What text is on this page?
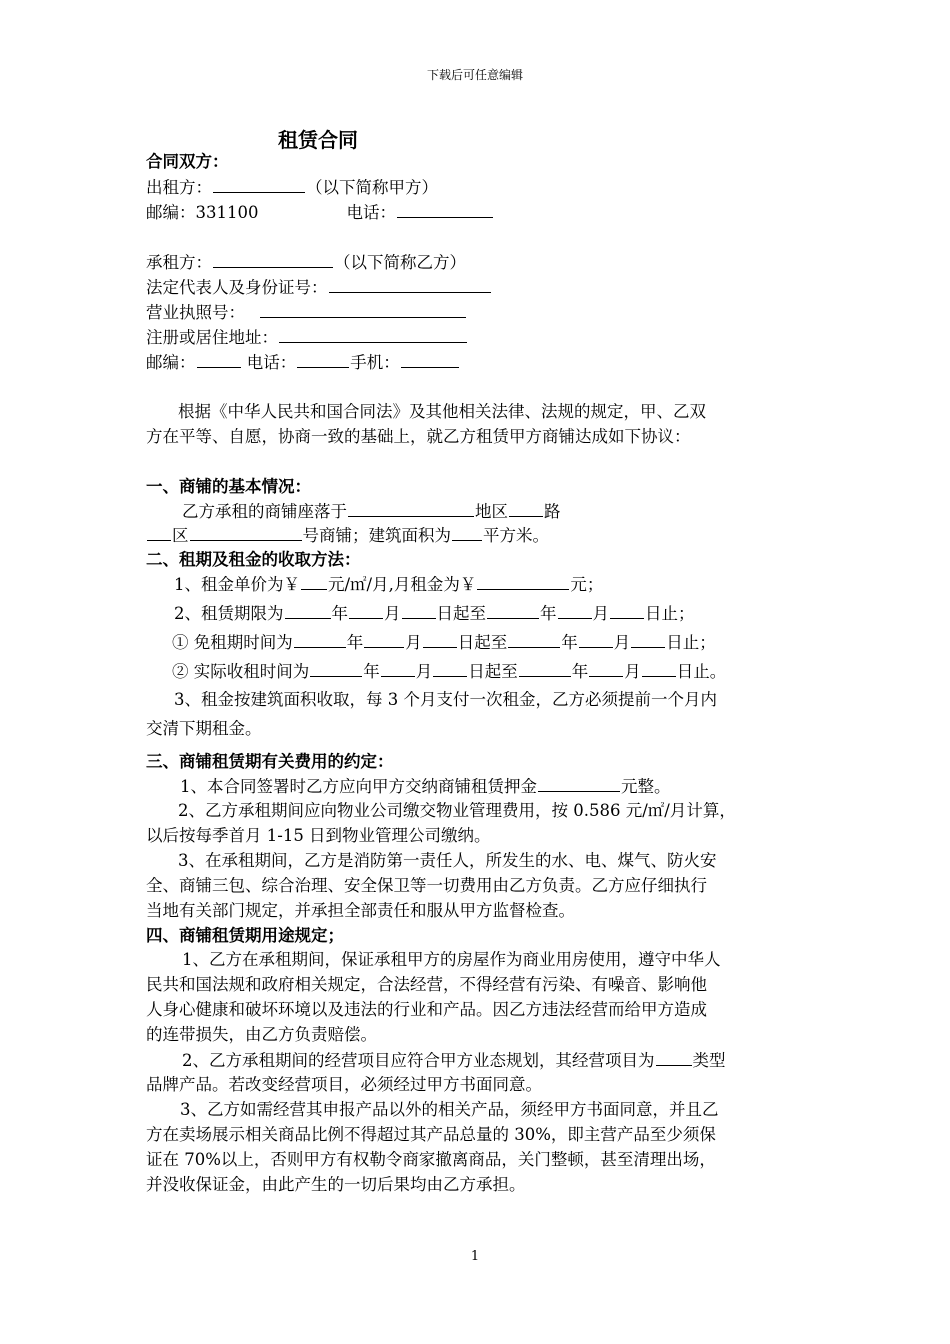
下载后可任意编辑
租赁合同
合同双方：
出租方：	（以下简称甲方）
邮编：331100	电话：
承租方：	（以下简称乙方）
法定代表人及身份证号：
营业执照号：
注册或居住地址：
邮编：	电话：	手机：
根据《中华人民共和国合同法》及其他相关法律、法规的规定，甲、乙双
方在平等、自愿，协商一致的基础上，就乙方租赁甲方商铺达成如下协议：
一、商铺的基本情况：
乙方承租的商铺座落于	地区 路
区	号商铺；建筑面积为 平方米。
二、租期及租金的收取方法：
1、租金单价为￥ 元/㎡/月,月租金为￥	元；
2、租赁期限为	年 月 日起至	年 月 日止；
① 免租期时间为	年	月 日起至	年 月 日止；
② 实际收租时间为	年 月 日起至	年 月 日止。
3、租金按建筑面积收取，每 3 个月支付一次租金，乙方必须提前一个月内
交清下期租金。
三、商铺租赁期有关费用的约定：
1、本合同签署时乙方应向甲方交纳商铺租赁押金	元整。
2、乙方承租期间应向物业公司缴交物业管理费用，按 0.586 元/㎡/月计算，
以后按每季首月 1-15 日到物业管理公司缴纳。
3、在承租期间，乙方是消防第一责任人，所发生的水、电、煤气、防火安
全、商铺三包、综合治理、安全保卫等一切费用由乙方负责。乙方应仔细执行
当地有关部门规定，并承担全部责任和服从甲方监督检查。
四、商铺租赁期用途规定；
1、乙方在承租期间，保证承租甲方的房屋作为商业用房使用，遵守中华人
民共和国法规和政府相关规定，合法经营，不得经营有污染、有噪音、影响他
人身心健康和破坏环境以及违法的行业和产品。因乙方违法经营而给甲方造成
的连带损失，由乙方负责赔偿。
2、乙方承租期间的经营项目应符合甲方业态规划，其经营项目为 类型
品牌产品。若改变经营项目，必须经过甲方书面同意。
3、乙方如需经营其申报产品以外的相关产品，须经甲方书面同意，并且乙
方在卖场展示相关商品比例不得超过其产品总量的 30%，即主营产品至少须保
证在 70%以上，否则甲方有权勒令商家撤离商品，关门整顿，甚至清理出场，
并没收保证金，由此产生的一切后果均由乙方承担。
1
